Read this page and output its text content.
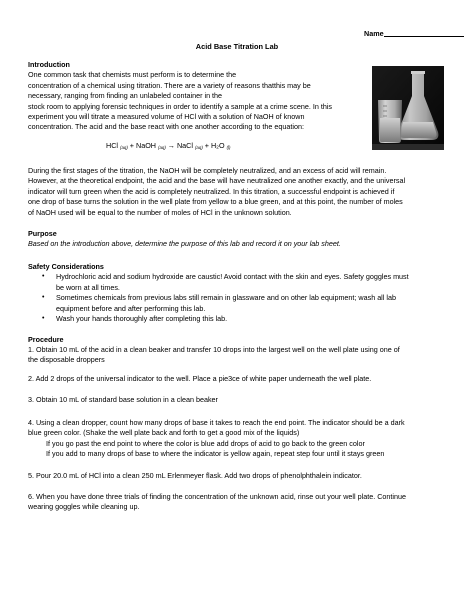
Name
Acid Base Titration Lab
Introduction
One common task that chemists must perform is to determine the
concentration of a chemical using titration. There are a variety of reasons thatthis may be
necessary, ranging from finding an unlabeled container in the
stock room to applying forensic techniques in order to identify a sample at a crime scene. In this
experiment you will titrate a measured volume of HCl with a solution of NaOH of known
concentration. The acid and the base react with one another according to the equation:
HCl $_{(aq)}$ + NaOH $_{(aq)}$ → NaCl $_{(aq)}$ + H₂O $_{(l)}$
During the first stages of the titration, the NaOH will be completely neutralized, and an excess of acid will remain.
However, at the theoretical endpoint, the acid and the base will have neutralized one another exactly, and the universal
indicator will turn green when the acid is completely neutralized. In this titration, a successful endpoint is achieved if
one drop of base turns the solution in the well plate from yellow to a blue green, and at this point, the number of moles
of NaOH used will be equal to the number of moles of HCl in the unknown solution.
Purpose
Based on the introduction above, determine the purpose of this lab and record it on your lab sheet.
Safety Considerations
• Hydrochloric acid and sodium hydroxide are caustic! Avoid contact with the skin and eyes. Safety goggles must
be worn at all times.
• Sometimes chemicals from previous labs still remain in glassware and on other lab equipment; wash all lab
equipment before and after performing this lab.
• Wash your hands thoroughly after completing this lab.
Procedure
1. Obtain 10 mL of the acid in a clean beaker and transfer 10 drops into the largest well on the well plate using one of
the disposable droppers
2. Add 2 drops of the universal indicator to the well. Place a pie3ce of white paper underneath the well plate.
3. Obtain 10 mL of standard base solution in a clean beaker
4. Using a clean dropper, count how many drops of base it takes to reach the end point. The indicator should be a dark
blue green color. (Shake the well plate back and forth to get a good mix of the liquids)
If you go past the end point to where the color is blue add drops of acid to go back to the green color
If you add to many drops of base to where the indicator is yellow again, repeat step four until it stays green
5. Pour 20.0 mL of HCl into a clean 250 mL Erlenmeyer flask. Add two drops of phenolphthalein indicator.
6. When you have done three trials of finding the concentration of the unknown acid, rinse out your well plate. Continue
wearing goggles while cleaning up.
